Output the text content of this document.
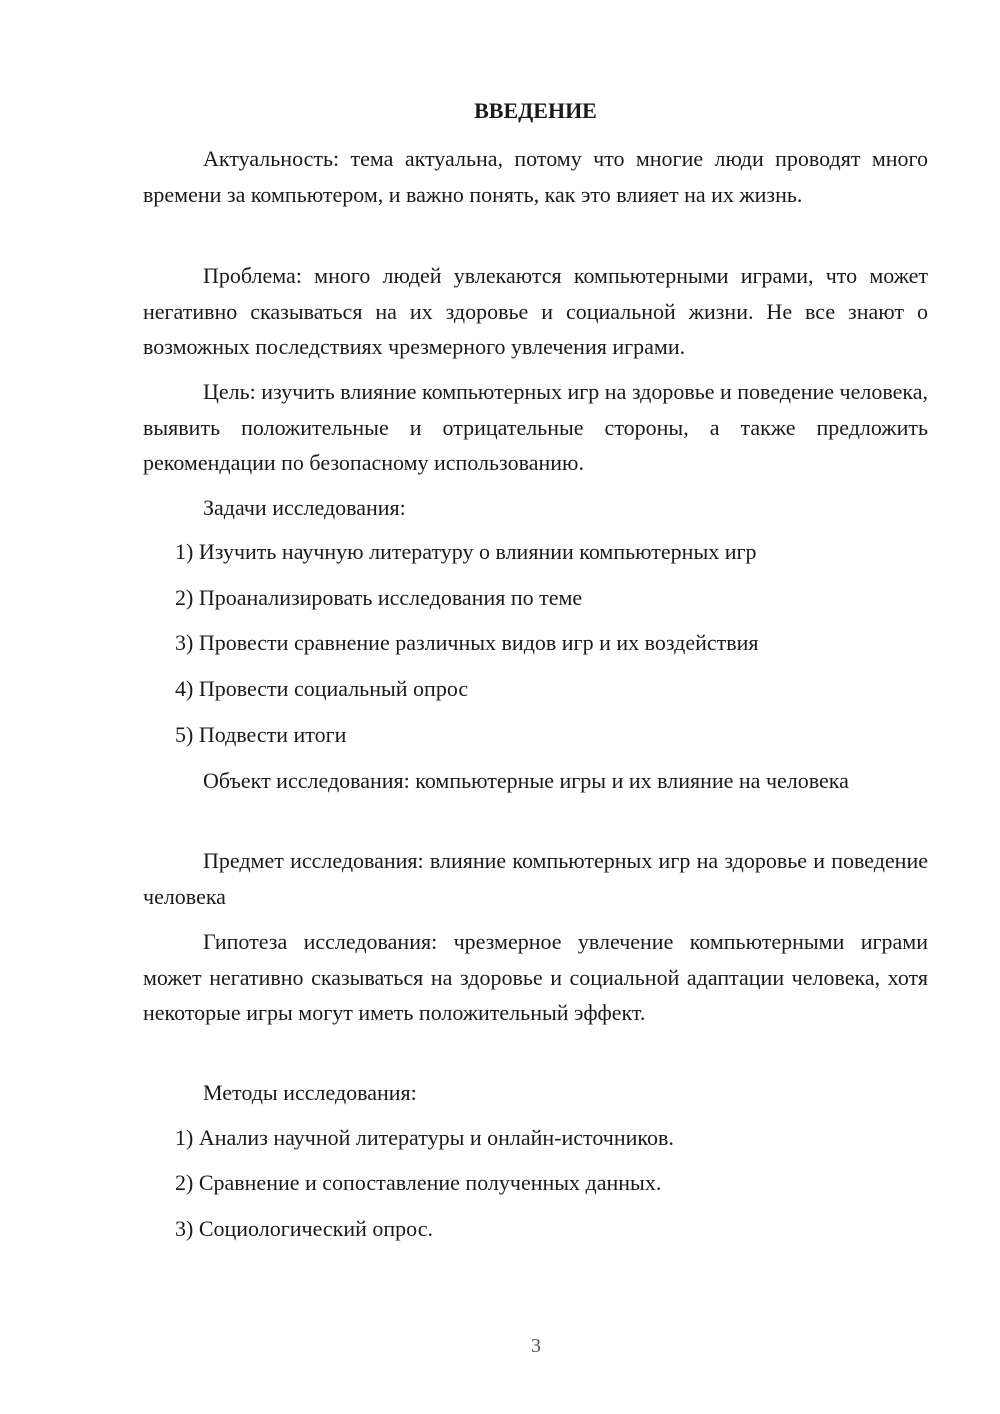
ВВЕДЕНИЕ
Актуальность: тема актуальна, потому что многие люди проводят много времени за компьютером, и важно понять, как это влияет на их жизнь.
Проблема: много людей увлекаются компьютерными играми, что может негативно сказываться на их здоровье и социальной жизни. Не все знают о возможных последствиях чрезмерного увлечения играми.
Цель: изучить влияние компьютерных игр на здоровье и поведение человека, выявить положительные и отрицательные стороны, а также предложить рекомендации по безопасному использованию.
Задачи исследования:
1) Изучить научную литературу о влиянии компьютерных игр
2) Проанализировать исследования по теме
3) Провести сравнение различных видов игр и их воздействия
4) Провести социальный опрос
5) Подвести итоги
Объект исследования: компьютерные игры и их влияние на человека
Предмет исследования: влияние компьютерных игр на здоровье и поведение человека
Гипотеза исследования: чрезмерное увлечение компьютерными играми может негативно сказываться на здоровье и социальной адаптации человека, хотя некоторые игры могут иметь положительный эффект.
Методы исследования:
1) Анализ научной литературы и онлайн-источников.
2) Сравнение и сопоставление полученных данных.
3) Социологический опрос.
3
